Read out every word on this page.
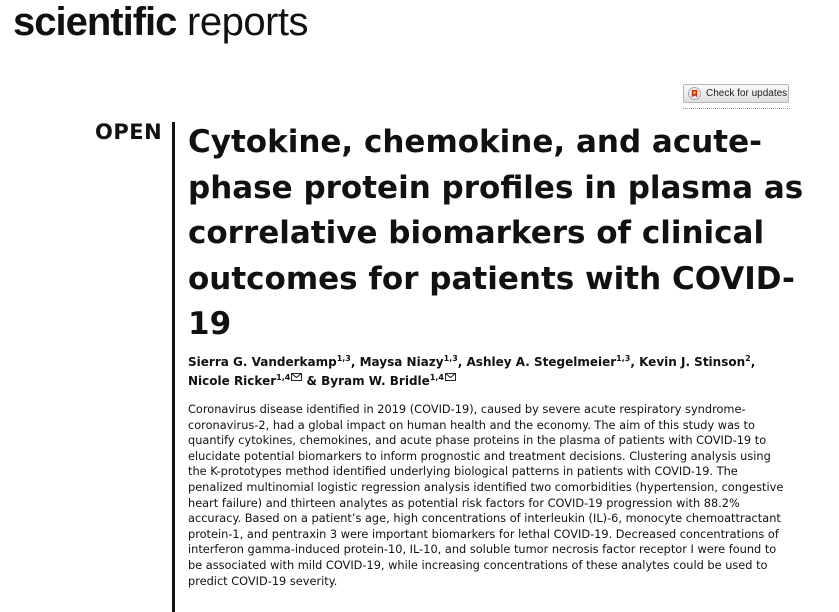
scientific reports
Check for updates
OPEN Cytokine, chemokine, and acute-phase protein profiles in plasma as correlative biomarkers of clinical outcomes for patients with COVID-19
Sierra G. Vanderkamp$^{1,3}$, Maysa Niazy$^{1,3}$, Ashley A. Stegelmeier$^{1,3}$, Kevin J. Stinson$^2$, Nicole Ricker$^{1,4}$ & Byram W. Bridle$^{1,4}$

Coronavirus disease identified in 2019 (COVID-19), caused by severe acute respiratory syndrome-coronavirus-2, had a global impact on human health and the economy. The aim of this study was to quantify cytokines, chemokines, and acute phase proteins in the plasma of patients with COVID-19 to elucidate potential biomarkers to inform prognostic and treatment decisions. Clustering analysis using the K-prototypes method identified underlying biological patterns in patients with COVID-19. The penalized multinomial logistic regression analysis identified two comorbidities (hypertension, congestive heart failure) and thirteen analytes as potential risk factors for COVID-19 progression with 88.2% accuracy. Based on a patient’s age, high concentrations of interleukin (IL)-6, monocyte chemoattractant protein-1, and pentraxin 3 were important biomarkers for lethal COVID-19. Decreased concentrations of interferon gamma-induced protein-10, IL-10, and soluble tumor necrosis factor receptor I were found to be associated with mild COVID-19, while increasing concentrations of these analytes could be used to predict COVID-19 severity.
